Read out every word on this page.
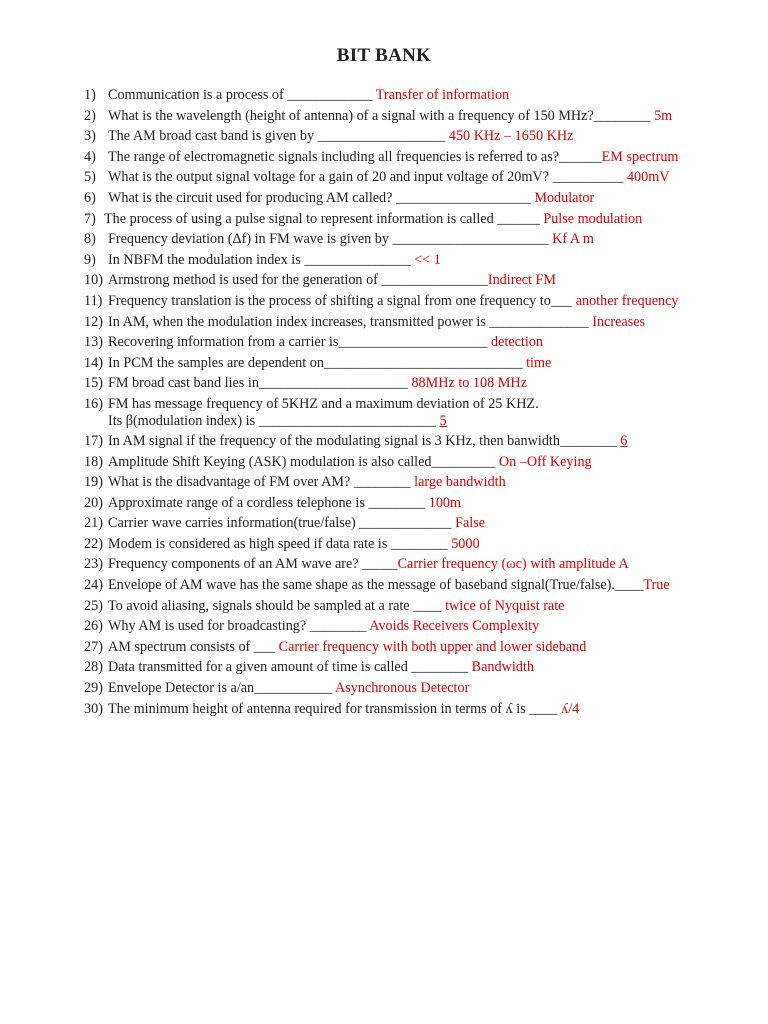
BIT BANK
1) Communication is a process of ____________ Transfer of information
2) What is the wavelength (height of antenna) of a signal with a frequency of 150 MHz?________ 5m
3) The AM broad cast band is given by __________________ 450 KHz – 1650 KHz
4) The range of electromagnetic signals including all frequencies is referred to as?______EM spectrum
5) What is the output signal voltage for a gain of 20 and input voltage of 20mV? __________ 400mV
6) What is the circuit used for producing AM called? ___________________ Modulator
7) The process of using a pulse signal to represent information is called ______ Pulse modulation
8) Frequency deviation (Δf) in FM wave is given by ______________________ Kf A m
9) In NBFM the modulation index is _______________ << 1
10) Armstrong method is used for the generation of _______________Indirect FM
11) Frequency translation is the process of shifting a signal from one frequency to___ another frequency
12) In AM, when the modulation index increases, transmitted power is ______________ Increases
13) Recovering information from a carrier is_____________________ detection
14) In PCM the samples are dependent on____________________________ time
15) FM broad cast band lies in_____________________ 88MHz to 108 MHz
16) FM has message frequency of 5KHZ and a maximum deviation of 25 KHZ.
Its β(modulation index) is _________________________ 5
17) In AM signal if the frequency of the modulating signal is 3 KHz, then banwidth________ 6
18) Amplitude Shift Keying (ASK) modulation is also called_________ On –Off Keying
19) What is the disadvantage of FM over AM? ________ large bandwidth
20) Approximate range of a cordless telephone is ________ 100m
21) Carrier wave carries information(true/false) _____________ False
22) Modem is considered as high speed if data rate is ________ 5000
23) Frequency components of an AM wave are? _____Carrier frequency (ωc) with amplitude A
24) Envelope of AM wave has the same shape as the message of baseband signal(True/false).____True
25) To avoid aliasing, signals should be sampled at a rate ____ twice of Nyquist rate
26) Why AM is used for broadcasting? ________ Avoids Receivers Complexity
27) AM spectrum consists of ___ Carrier frequency with both upper and lower sideband
28) Data transmitted for a given amount of time is called ________ Bandwidth
29) Envelope Detector is a/an___________ Asynchronous Detector
30) The minimum height of antenna required for transmission in terms of ʎ is ____ ʎ/4
